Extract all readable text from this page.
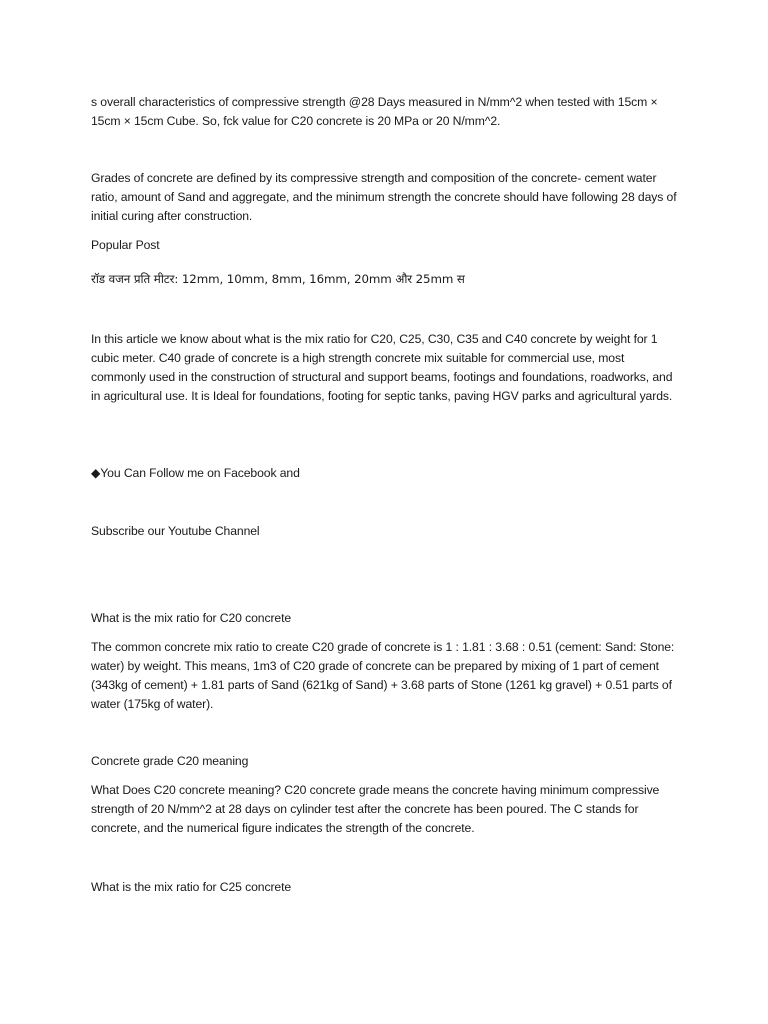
s overall characteristics of compressive strength @28 Days measured in N/mm^2 when tested with 15cm × 15cm × 15cm Cube. So, fck value for C20 concrete is 20 MPa or 20 N/mm^2.

Grades of concrete are defined by its compressive strength and composition of the concrete- cement water ratio, amount of Sand and aggregate, and the minimum strength the concrete should have following 28 days of initial curing after construction.

Popular Post

रॉड वजन प्रति मीटर: 12mm, 10mm, 8mm, 16mm, 20mm और 25mm स

In this article we know about what is the mix ratio for C20, C25, C30, C35 and C40 concrete by weight for 1 cubic meter. C40 grade of concrete is a high strength concrete mix suitable for commercial use, most commonly used in the construction of structural and support beams, footings and foundations, roadworks, and in agricultural use. It is Ideal for foundations, footing for septic tanks, paving HGV parks and agricultural yards.

◆You Can Follow me on Facebook and

Subscribe our Youtube Channel

What is the mix ratio for C20 concrete

The common concrete mix ratio to create C20 grade of concrete is 1 : 1.81 : 3.68 : 0.51 (cement: Sand: Stone: water) by weight. This means, 1m3 of C20 grade of concrete can be prepared by mixing of 1 part of cement (343kg of cement) + 1.81 parts of Sand (621kg of Sand) + 3.68 parts of Stone (1261 kg gravel) + 0.51 parts of water (175kg of water).

Concrete grade C20 meaning

What Does C20 concrete meaning? C20 concrete grade means the concrete having minimum compressive strength of 20 N/mm^2 at 28 days on cylinder test after the concrete has been poured. The C stands for concrete, and the numerical figure indicates the strength of the concrete.

What is the mix ratio for C25 concrete
